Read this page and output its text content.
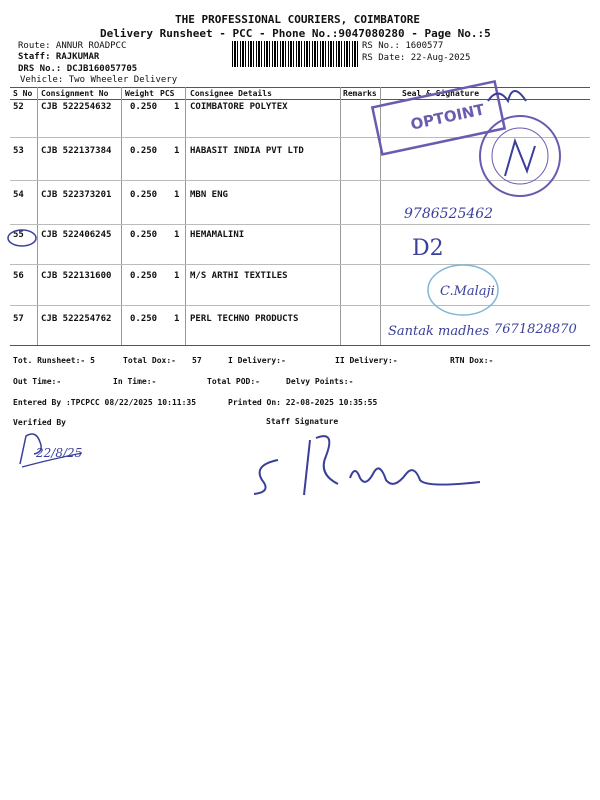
THE PROFESSIONAL COURIERS, COIMBATORE
Delivery Runsheet - PCC - Phone No.:9047080280 - Page No.:5
Route: ANNUR ROADPCC
Staff: RAJKUMAR
DRS No.: DCJB160057705
Vehicle: Two Wheeler Delivery
RS No.: 1600577
RS Date: 22-Aug-2025
S No Consignment No Weight PCS Consignee Details	Remarks	Seal & Signature
52 CJB 522254632 0.250 1 COIMBATORE POLYTEX
53 CJB 522137384 0.250 1 HABASIT INDIA PVT LTD
54 CJB 522373201 0.250 1 MBN ENG
55 CJB 522406245 0.250 1 HEMAMALINI
56 CJB 522131600 0.250 1 M/S ARTHI TEXTILES
57 CJB 522254762 0.250 1 PERL TECHNO PRODUCTS
Tot. Runsheet:- 5	Total Dox:- 57	I Delivery:-	II Delivery:-	RTN Dox:-
Out Time:-	In Time:-	Total POD:-	Delvy Points:-
Entered By :TPCPCC 08/22/2025 10:11:35	Printed On: 22-08-2025 10:35:55
Verified By	Staff Signature
OPTOINT
9786525462
D2
C.Malaji
Santak madhes 7671828870
22/8/25
